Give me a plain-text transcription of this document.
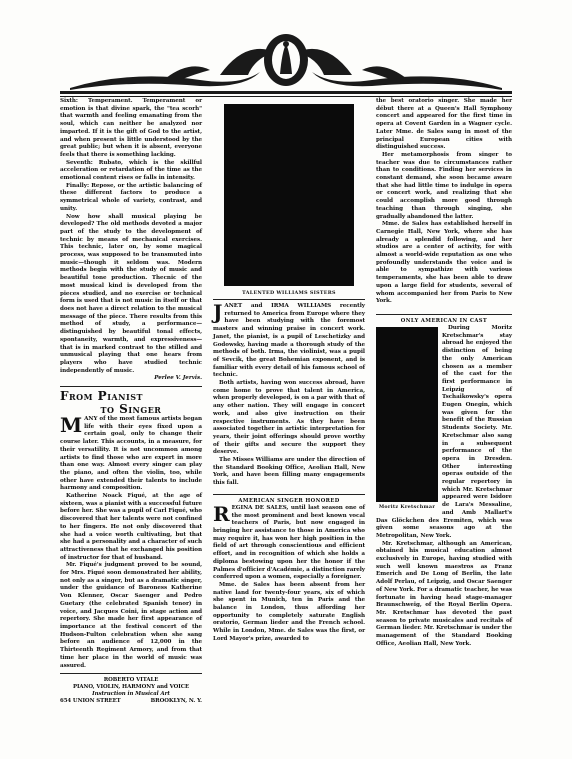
Sixth: Temperament. Temperament or emotion is that divine spark, the "tea scorh" that warmth and feeling emanating from the soul, which can neither be analyzed nor imparted. If it is the gift of God to the artist, and when present is little understood by the great public; but when it is absent, everyone feels that there is something lacking.

Seventh: Rubato, which is the skillful acceleration or retardation of the time as the emotional content rises or falls in intensity.

Finally: Repose, or the artistic balancing of these different factors to produce a symmetrical whole of variety, contrast, and unity.

Now how shall musical playing be developed? The old methods devoted a major part of the study to the development of technic by means of mechanical exercises. This technic, later on, by some magical process, was supposed to be transmuted into music—though it seldom was. Modern methods begin with the study of music and beautiful tone production. Thecnic of the most musical kind is developed from the pieces studied, and no exercise or technical form is used that is not music in itself or that does not have a direct relation to the musical message of the piece. There results from this method of study, a performance—distinguished by beautiful tonal effects, spontaneity, warmth, and expressiveness—that is in marked contrast to the stilled and unmusical playing that one hears from players who have studied technic independently of music.

Perlee V. Jervis.
From Pianist
to Singer

MANY of the most famous artists began life with their eyes fixed upon a certain goal, only to change their course later. This accounts, in a measure, for their versatility. It is not uncommon among artists to find those who are expert in more than one way. Almost every singer can play the piano, and often the violin, too, while other have extended their talents to include harmony and composition.

Katherine Noack Fiqué, at the age of sixteen, was a pianist with a successful future before her. She was a pupil of Carl Fiqué, who discovered that her talents were not confined to her fingers. He not only discovered that she had a voice worth cultivating, but that she had a personality and a character of such attractiveness that he exchanged his position of instructor for that of husband.

Mr. Fiqué's judgment proved to be sound, for Mrs. Fiqué soon demonstrated her ability, not only as a singer, but as a dramatic singer, under the guidance of Baroness Katherine Von Klenner, Oscar Saenger and Pedro Guetary (the celebrated Spanish tenor) in voice, and Jacques Coini, in stage action and repertory. She made her first appearance of importance at the festival concert of the Hudson-Fulton celebration when she sang before an audience of 12,000 in the Thirteenth Regiment Armory, and from that time her place in the world of music was assured.

ROBERTO VITALE
PIANO, VIOLIN, HARMONY and VOICE
Instruction in Musical Art
654 UNION STREET	BROOKLYN, N. Y.
TALENTED WILLIAMS SISTERS

JANET and IRMA WILLIAMS recently returned to America from Europe where they have been studying with the foremost masters and winning praise in concert work. Janet, the pianist, is a pupil of Leschetizky and Godowsky, having made a thorough study of the methods of both. Irma, the violinist, was a pupil of Sevcik, the great Bohemian exponent, and is familiar with every detail of his famous school of technic.

Both artists, having won success abroad, have come home to prove that talent in America, when properly developed, is on a par with that of any other nation. They will engage in concert work, and also give instruction on their respective instruments. As they have been associated together in artistic interpretation for years, their joint offerings should prove worthy of their gifts and secure the support they deserve.

The Misses Williams are under the direction of the Standard Booking Office, Aeolian Hall, New York, and have been filling many engagements this fall.

AMERICAN SINGER HONORED

REGINA DE SALES, until last season one of the most prominent and best known vocal teachers of Paris, but now engaged in bringing her assistance to those in America who may require it, has won her high position in the field of art through conscientious and efficient effort, and in recognition of which she holds a diploma bestowing upon her the honor if the Palmes d'officier d'Académie, a distinction rarely conferred upon a women, especially a foreigner.

Mme. de Sales has been absent from her native land for twenty-four years, six of which she spent in Munich, ten in Paris and the balance in London, thus affording her opportunity to completely saturate English oratorio, German lieder and the French school. While in London, Mme. de Sales was the first, or Lord Mayor's prize, awarded to

the best oratorio singer. She made her début there at a Queen's Hall Symphony concert and appeared for the first time in opera at Covent Garden in a Wagner cycle. Later Mme. de Sales sang in most of the principal European cities with distinguished success.

Her metamorphosis from singer to teacher was due to circumstances rather than to conditions. Finding her services in constant demand, she soon became aware that she had little time to indulge in opera or concert work, and realizing that she could accomplish more good through teaching than through singing, she gradually abandoned the latter.

Mme. de Sales has established herself in Carnegie Hall, New York, where she has already a splendid following, and her studios are a center of activity, for with almost a world-wide reputation as one who profoundly understands the voice and is able to sympathize with various temperaments, she has been able to draw upon a large field for students, several of whom accompanied her from Paris to New York.

ONLY AMERICAN IN CAST
Moritz Kretschmar

During Moritz Kretschmar's stay abroad he enjoyed the distinction of being the only American chosen as a member of the cast for the first performance in Leipzig of Tschaikowsky's opera Eugen Onegin, which was given for the benefit of the Russian Students Society. Mr. Kretschmar also sang in a subsequent performance of the opera in Dresden. Other interesting operas outside of the regular repertory in which Mr. Kretschmar appeared were Isidore de Lara's Messaline, and Amb Mallart's Das Glöckchen des Eremiten, which was given some seasons ago at the Metropolitan, New York.

Mr. Kretschmar, although an American, obtained his musical education almost exclusively in Europe, having studied with such well known maestros as Franz Emerich and De Long of Berlin, the late Adolf Perlau, of Leipzig, and Oscar Saenger of New York. For a dramatic teacher, he was fortunate in having head stage-manager Braunschweig, of the Royal Berlin Opera. Mr. Kretschmar has devoted the past season to private musicales and recitals of German lieder. Mr. Kretschmar is under the management of the Standard Booking Office, Aeolian Hall, New York.
